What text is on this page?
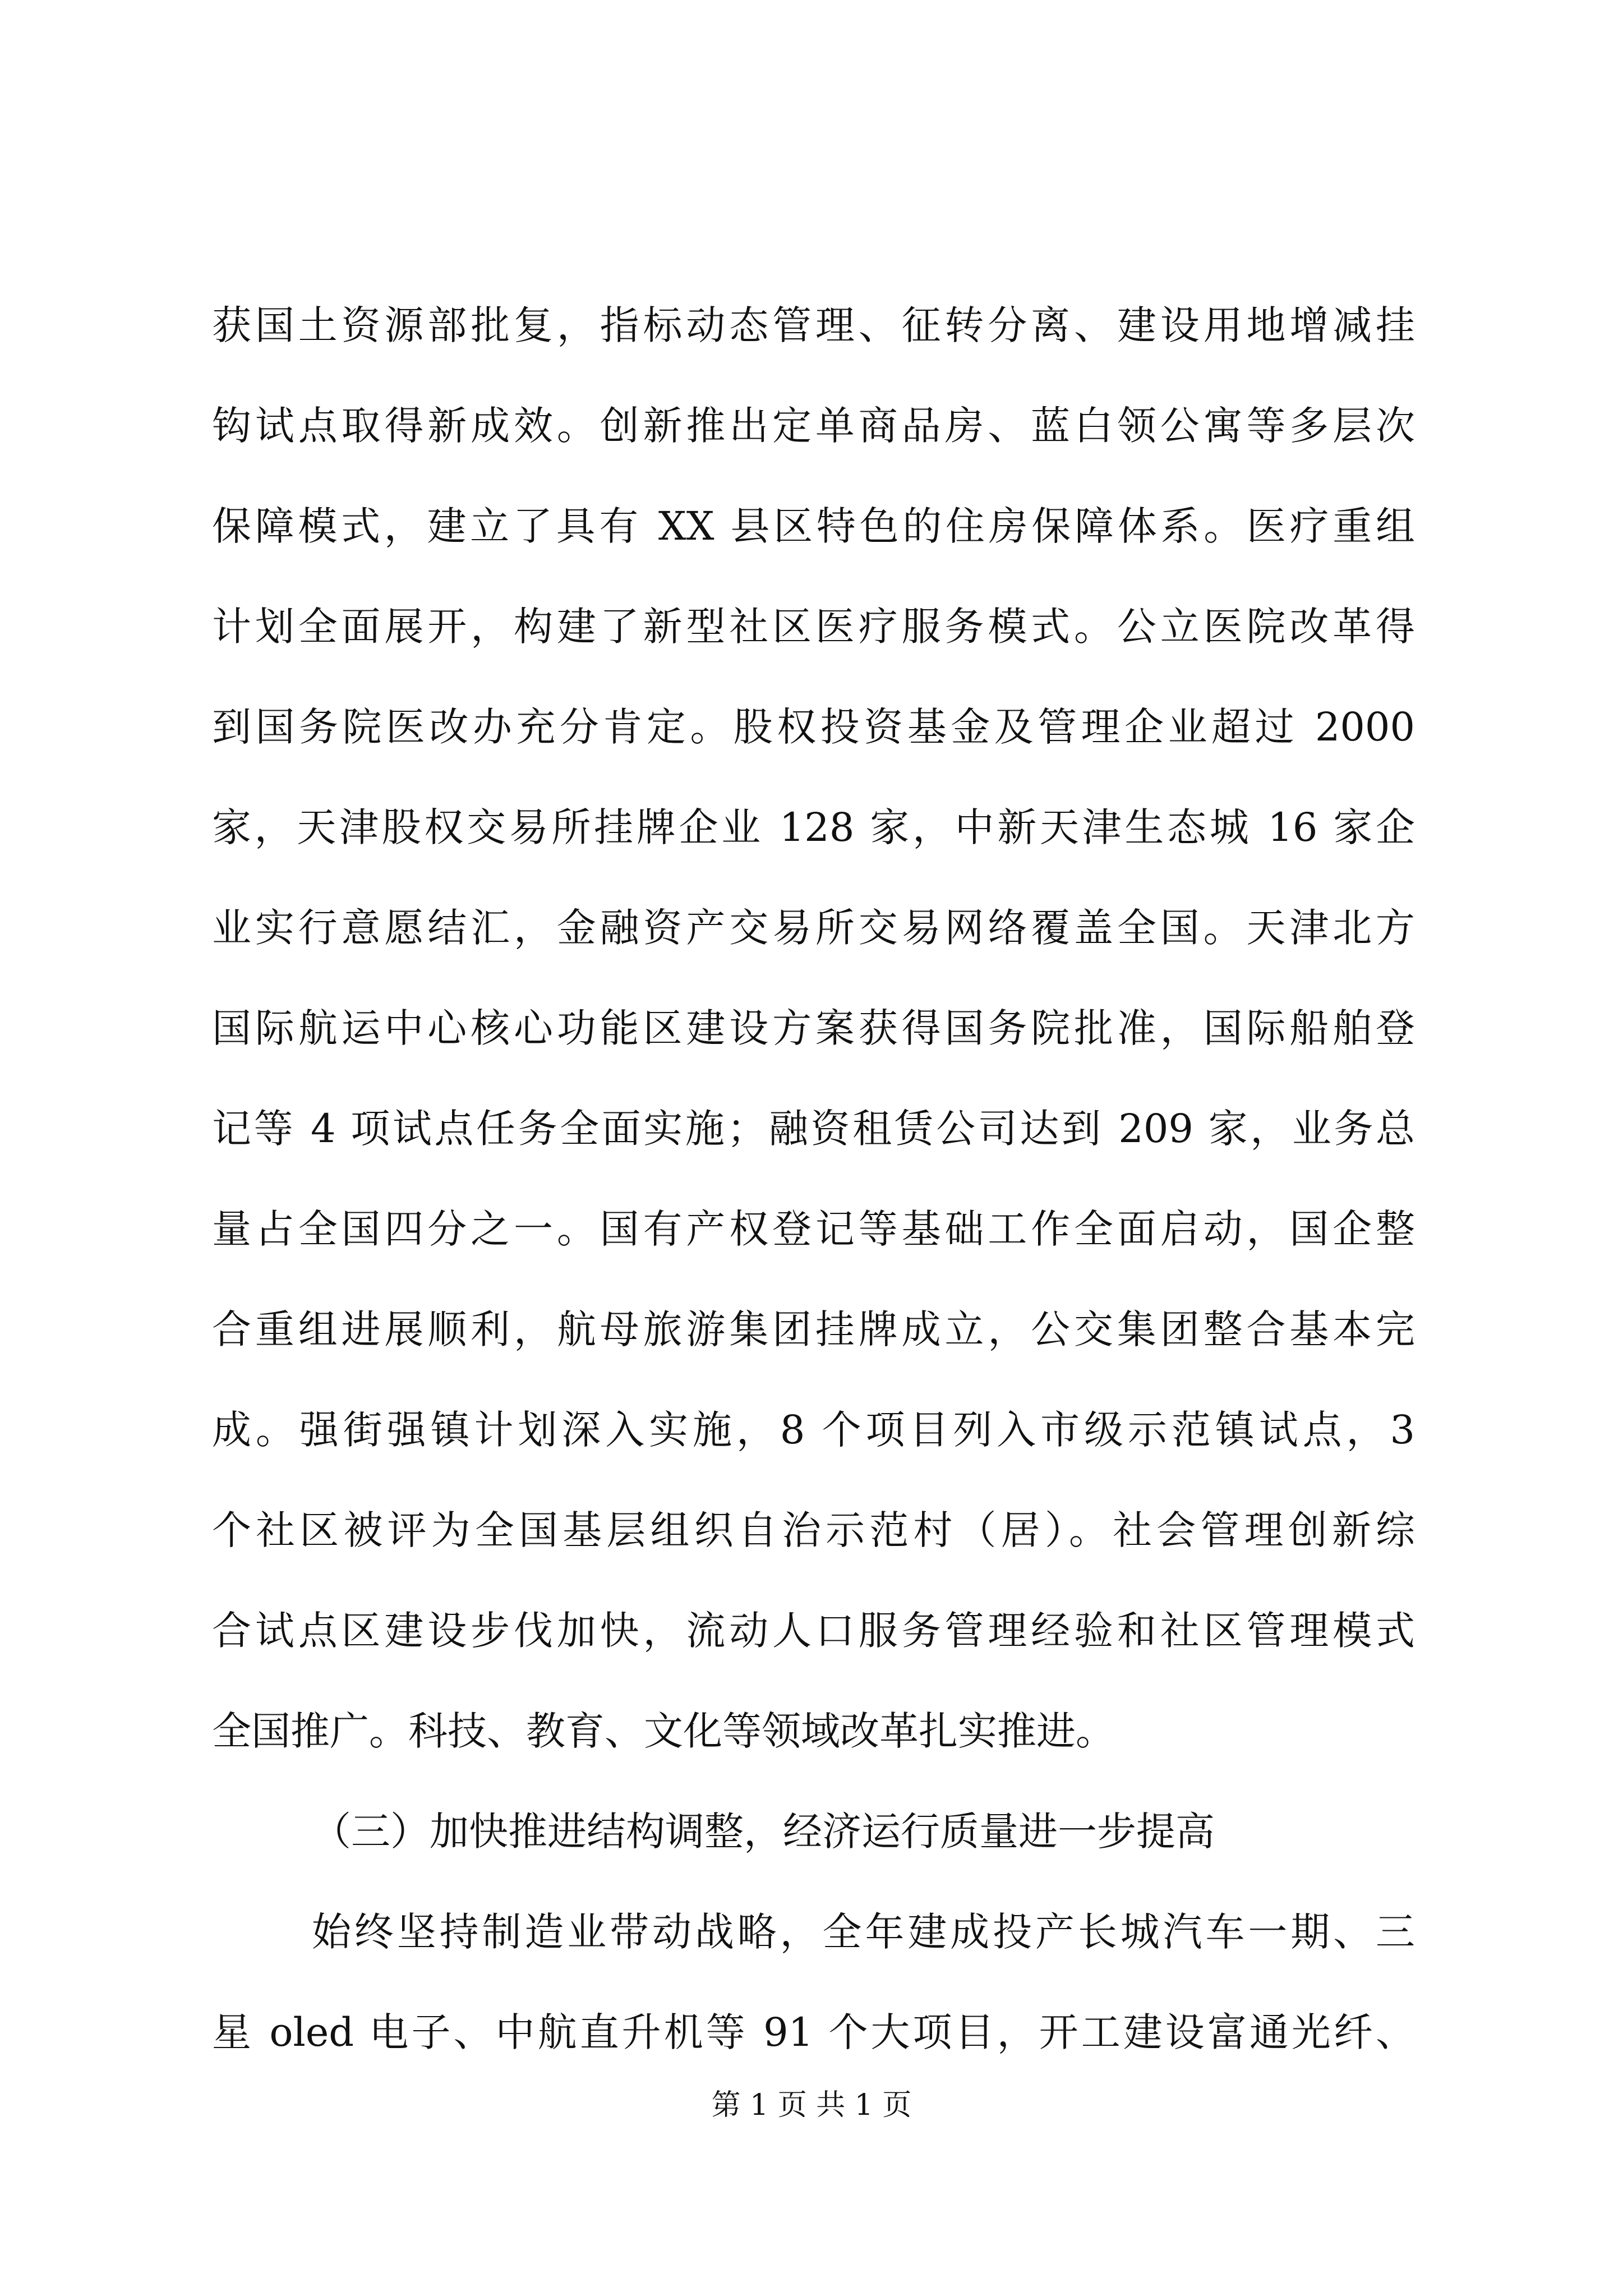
获国土资源部批复，指标动态管理、征转分离、建设用地增减挂
钩试点取得新成效。创新推出定单商品房、蓝白领公寓等多层次
保障模式，建立了具有 XX 县区特色的住房保障体系。医疗重组
计划全面展开，构建了新型社区医疗服务模式。公立医院改革得
到国务院医改办充分肯定。股权投资基金及管理企业超过 2000
家，天津股权交易所挂牌企业 128 家，中新天津生态城 16 家企
业实行意愿结汇，金融资产交易所交易网络覆盖全国。天津北方
国际航运中心核心功能区建设方案获得国务院批准，国际船舶登
记等 4 项试点任务全面实施；融资租赁公司达到 209 家，业务总
量占全国四分之一。国有产权登记等基础工作全面启动，国企整
合重组进展顺利，航母旅游集团挂牌成立，公交集团整合基本完
成。强街强镇计划深入实施，8 个项目列入市级示范镇试点，3
个社区被评为全国基层组织自治示范村（居）。社会管理创新综
合试点区建设步伐加快，流动人口服务管理经验和社区管理模式
全国推广。科技、教育、文化等领域改革扎实推进。
（三）加快推进结构调整，经济运行质量进一步提高
始终坚持制造业带动战略，全年建成投产长城汽车一期、三
星 oled 电子、中航直升机等 91 个大项目，开工建设富通光纤、
第 1 页 共 1 页
